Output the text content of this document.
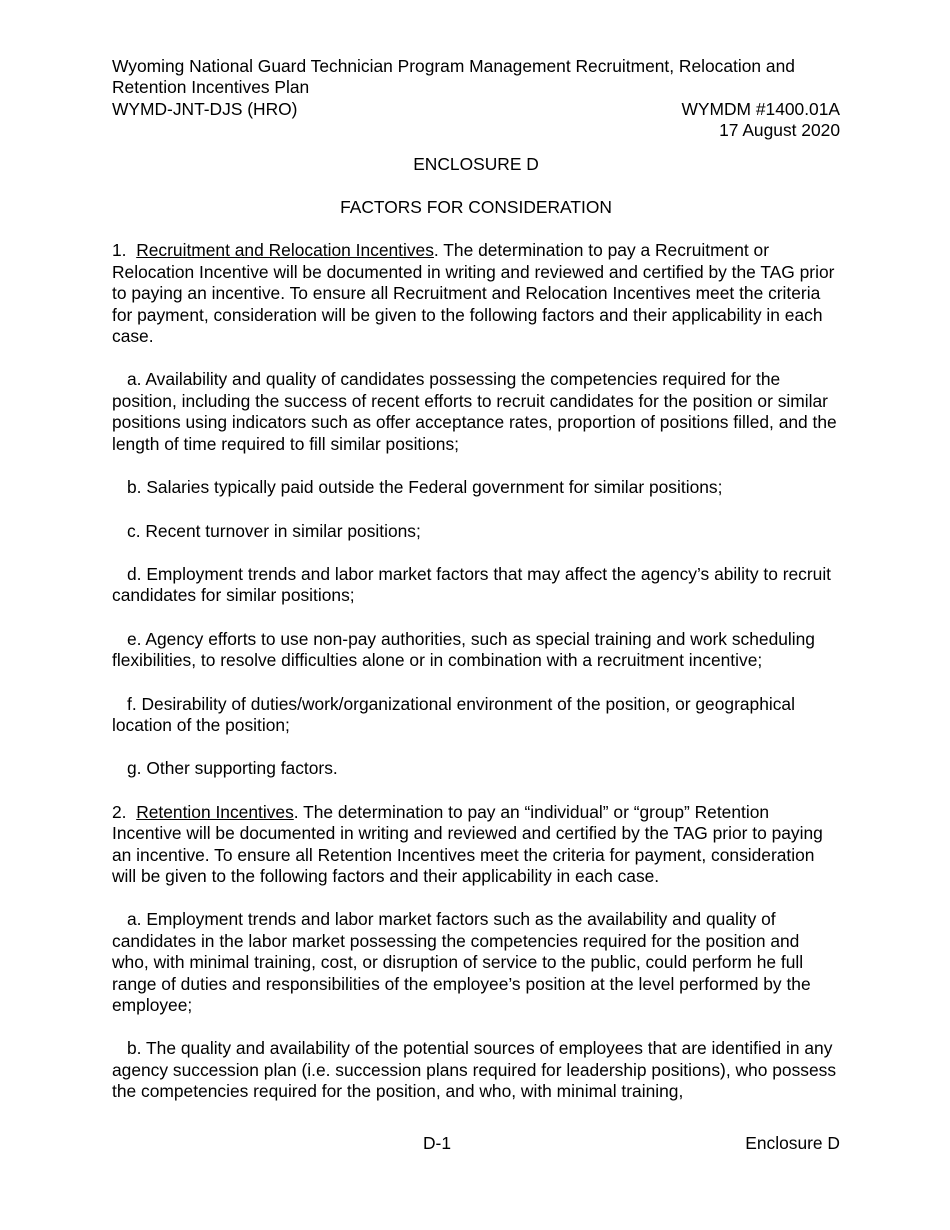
Wyoming National Guard Technician Program Management Recruitment, Relocation and Retention Incentives Plan

WYMD-JNT-DJS (HRO)	WYMDM #1400.01A
17 August 2020
ENCLOSURE D
FACTORS FOR CONSIDERATION

1. Recruitment and Relocation Incentives. The determination to pay a Recruitment or Relocation Incentive will be documented in writing and reviewed and certified by the TAG prior to paying an incentive. To ensure all Recruitment and Relocation Incentives meet the criteria for payment, consideration will be given to the following factors and their applicability in each case.

a. Availability and quality of candidates possessing the competencies required for the position, including the success of recent efforts to recruit candidates for the position or similar positions using indicators such as offer acceptance rates, proportion of positions filled, and the length of time required to fill similar positions;

b. Salaries typically paid outside the Federal government for similar positions;

c. Recent turnover in similar positions;

d. Employment trends and labor market factors that may affect the agency’s ability to recruit candidates for similar positions;

e. Agency efforts to use non-pay authorities, such as special training and work scheduling flexibilities, to resolve difficulties alone or in combination with a recruitment incentive;

f. Desirability of duties/work/organizational environment of the position, or geographical location of the position;

g. Other supporting factors.

2. Retention Incentives. The determination to pay an “individual” or “group” Retention Incentive will be documented in writing and reviewed and certified by the TAG prior to paying an incentive. To ensure all Retention Incentives meet the criteria for payment, consideration will be given to the following factors and their applicability in each case.

a. Employment trends and labor market factors such as the availability and quality of candidates in the labor market possessing the competencies required for the position and who, with minimal training, cost, or disruption of service to the public, could perform he full range of duties and responsibilities of the employee’s position at the level performed by the employee;

b. The quality and availability of the potential sources of employees that are identified in any agency succession plan (i.e. succession plans required for leadership positions), who possess the competencies required for the position, and who, with minimal training,

D-1	Enclosure D
